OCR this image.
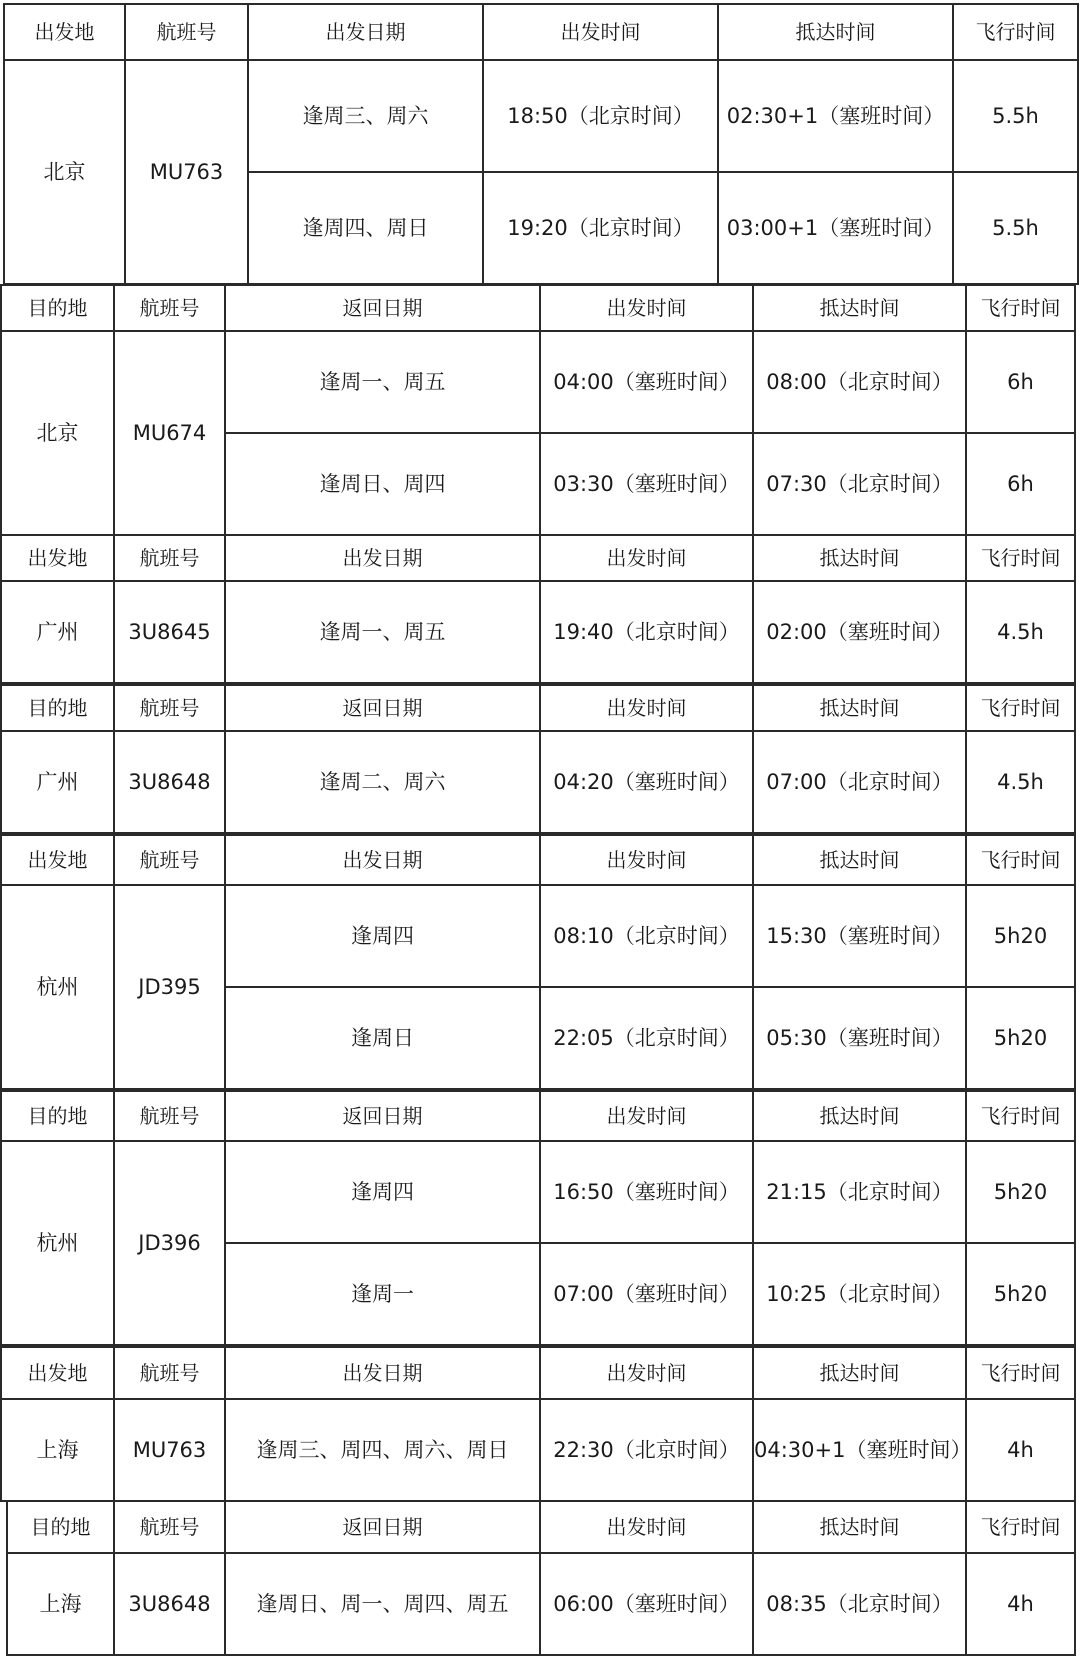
出发地	航班号	出发日期	出发时间	抵达时间	飞行时间
北京	MU763	逢周三、周六	18:50（北京时间）	02:30+1（塞班时间）	5.5h
		逢周四、周日	19:20（北京时间）	03:00+1（塞班时间）	5.5h
目的地	航班号	返回日期	出发时间	抵达时间	飞行时间
北京	MU674	逢周一、周五	04:00（塞班时间）	08:00（北京时间）	6h
		逢周日、周四	03:30（塞班时间）	07:30（北京时间）	6h
出发地	航班号	出发日期	出发时间	抵达时间	飞行时间
广州	3U8645	逢周一、周五	19:40（北京时间）	02:00（塞班时间）	4.5h
目的地	航班号	返回日期	出发时间	抵达时间	飞行时间
广州	3U8648	逢周二、周六	04:20（塞班时间）	07:00（北京时间）	4.5h
出发地	航班号	出发日期	出发时间	抵达时间	飞行时间
杭州	JD395	逢周四	08:10（北京时间）	15:30（塞班时间）	5h20
		逢周日	22:05（北京时间）	05:30（塞班时间）	5h20
目的地	航班号	返回日期	出发时间	抵达时间	飞行时间
杭州	JD396	逢周四	16:50（塞班时间）	21:15（北京时间）	5h20
		逢周一	07:00（塞班时间）	10:25（北京时间）	5h20
出发地	航班号	出发日期	出发时间	抵达时间	飞行时间
上海	MU763	逢周三、周四、周六、周日	22:30（北京时间）	04:30+1（塞班时间）	4h
目的地	航班号	返回日期	出发时间	抵达时间	飞行时间
上海	3U8648	逢周日、周一、周四、周五	06:00（塞班时间）	08:35（北京时间）	4h
